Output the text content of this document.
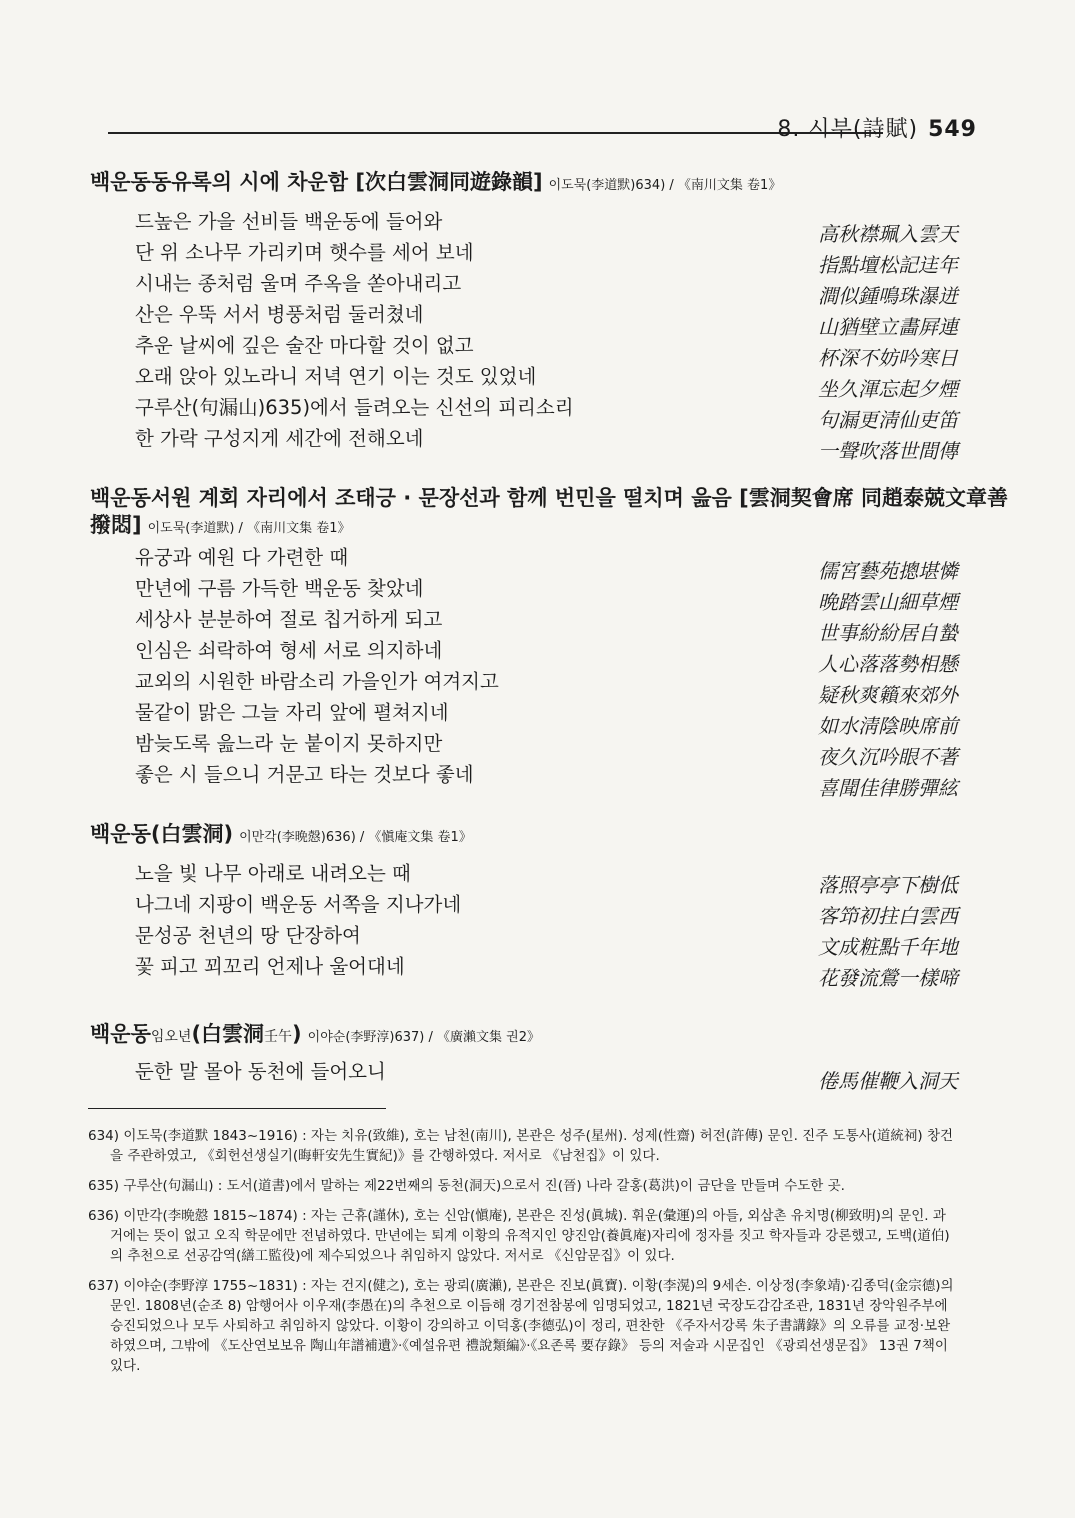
8. 시부(詩賦) 549
백운동동유록의 시에 차운함 [次白雲洞同遊錄韻] 이도묵(李道默)634) / 《南川文集 卷1》
드높은 가을 선비들 백운동에 들어와
단 위 소나무 가리키며 햇수를 세어 보네
시내는 종처럼 울며 주옥을 쏟아내리고
산은 우뚝 서서 병풍처럼 둘러쳤네
추운 날씨에 깊은 술잔 마다할 것이 없고
오래 앉아 있노라니 저녁 연기 이는 것도 있었네
구루산(句漏山)635)에서 들려오는 신선의 피리소리
한 가락 구성지게 세간에 전해오네
高秋襟珮入雲天
指點壇松記迬年
澗似鍾鳴珠瀑迸
山猶壁立畵屛連
杯深不妨吟寒日
坐久渾忘起夕煙
句漏更淸仙吏笛
一聲吹落世間傳
백운동서원 계회 자리에서 조태긍 · 문장선과 함께 번민을 떨치며 읊음 [雲洞契會席 同趙泰兢文章善
撥悶] 이도묵(李道默) / 《南川文集 卷1》
유궁과 예원 다 가련한 때
만년에 구름 가득한 백운동 찾았네
세상사 분분하여 절로 칩거하게 되고
인심은 쇠락하여 형세 서로 의지하네
교외의 시원한 바람소리 가을인가 여겨지고
물같이 맑은 그늘 자리 앞에 펼쳐지네
밤늦도록 읊느라 눈 붙이지 못하지만
좋은 시 들으니 거문고 타는 것보다 좋네
儒宮藝苑摠堪憐
晩踏雲山細草煙
世事紛紛居自蟄
人心落落勢相懸
疑秋爽籟來郊外
如水淸陰映席前
夜久沉吟眼不著
喜聞佳律勝彈絃
백운동(白雲洞) 이만각(李晩慤)636) / 《愼庵文集 卷1》
노을 빛 나무 아래로 내려오는 때
나그네 지팡이 백운동 서쪽을 지나가네
문성공 천년의 땅 단장하여
꽃 피고 꾀꼬리 언제나 울어대네
落照亭亭下樹低
客笻初拄白雲西
文成粧點千年地
花發流鶯一樣啼
백운동임오년(白雲洞壬午) 이야순(李野淳)637) / 《廣瀨文集 권2》
둔한 말 몰아 동천에 들어오니	倦馬催鞭入洞天
634) 이도묵(李道默 1843~1916) : 자는 치유(致維), 호는 남천(南川), 본관은 성주(星州). 성제(性齋) 허전(許傳) 문인. 진주 도통사(道統祠) 창건을 주관하였고, 《회헌선생실기(晦軒安先生實紀)》를 간행하였다. 저서로 《남천집》이 있다.
635) 구루산(句漏山) : 도서(道書)에서 말하는 제22번째의 동천(洞天)으로서 진(晉) 나라 갈홍(葛洪)이 금단을 만들며 수도한 곳.
636) 이만각(李晩慤 1815~1874) : 자는 근휴(謹休), 호는 신암(愼庵), 본관은 진성(眞城). 휘운(彙運)의 아들, 외삼촌 유치명(柳致明)의 문인. 과거에는 뜻이 없고 오직 학문에만 전념하였다. 만년에는 퇴계 이황의 유적지인 양진암(養眞庵)자리에 정자를 짓고 학자들과 강론했고, 도백(道伯)의 추천으로 선공감역(繕工監役)에 제수되었으나 취임하지 않았다. 저서로 《신암문집》이 있다.
637) 이야순(李野淳 1755~1831) : 자는 건지(健之), 호는 광뢰(廣瀨), 본관은 진보(眞寶). 이황(李滉)의 9세손. 이상정(李象靖)·김종덕(金宗德)의 문인. 1808년(순조 8) 암행어사 이우재(李愚在)의 추천으로 이듬해 경기전참봉에 임명되었고, 1821년 국장도감감조관, 1831년 장악원주부에 승진되었으나 모두 사퇴하고 취임하지 않았다. 이황이 강의하고 이덕홍(李德弘)이 정리, 편찬한 《주자서강록 朱子書講錄》의 오류를 교정·보완하였으며, 그밖에 《도산연보보유 陶山年譜補遺》·《예설유편 禮說類編》·《요존록 要存錄》 등의 저술과 시문집인 《광뢰선생문집》 13권 7책이 있다.
